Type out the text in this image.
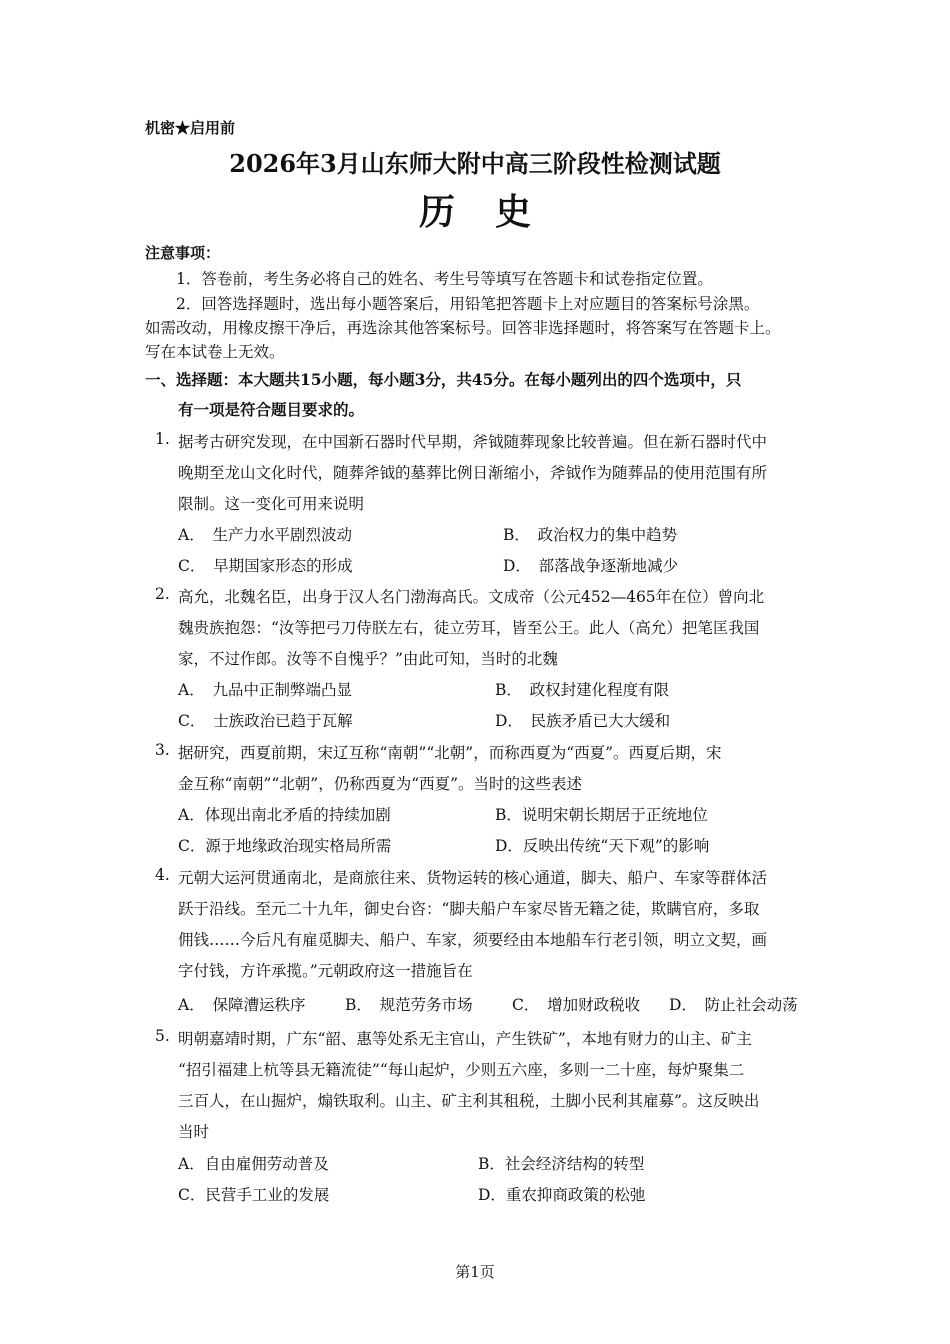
机密★启用前
2026年3月山东师大附中高三阶段性检测试题
历史
注意事项：
1．答卷前，考生务必将自己的姓名、考生号等填写在答题卡和试卷指定位置。
2．回答选择题时，选出每小题答案后，用铅笔把答题卡上对应题目的答案标号涂黑。
如需改动，用橡皮擦干净后，再选涂其他答案标号。回答非选择题时，将答案写在答题卡上。
写在本试卷上无效。
一、选择题：本大题共15小题，每小题3分，共45分。在每小题列出的四个选项中，只
有一项是符合题目要求的。
1. 据考古研究发现，在中国新石器时代早期，斧钺随葬现象比较普遍。但在新石器时代中
晚期至龙山文化时代，随葬斧钺的墓葬比例日渐缩小，斧钺作为随葬品的使用范围有所
限制。这一变化可用来说明
A．　生产力水平剧烈波动	B．　政治权力的集中趋势
C．　早期国家形态的形成	D．　部落战争逐渐地减少
2. 高允，北魏名臣，出身于汉人名门渤海高氏。文成帝（公元452—465年在位）曾向北
魏贵族抱怨：“汝等把弓刀侍朕左右，徒立劳耳，皆至公王。此人（高允）把笔匡我国
家，不过作郎。汝等不自愧乎？”由此可知，当时的北魏
A．　九品中正制弊端凸显	B．　政权封建化程度有限
C．　士族政治已趋于瓦解	D．　民族矛盾已大大缓和
3. 据研究，西夏前期，宋辽互称“南朝”“北朝”，而称西夏为“西夏”。西夏后期，宋
金互称“南朝”“北朝”，仍称西夏为“西夏”。当时的这些表述
A．体现出南北矛盾的持续加剧	B．说明宋朝长期居于正统地位
C．源于地缘政治现实格局所需	D．反映出传统“天下观”的影响
4. 元朝大运河贯通南北，是商旅往来、货物运转的核心通道，脚夫、船户、车家等群体活
跃于沿线。至元二十九年，御史台咨：“脚夫船户车家尽皆无籍之徒，欺瞒官府，多取
佣钱……今后凡有雇觅脚夫、船户、车家，须要经由本地船车行老引领，明立文契，画
字付钱，方许承揽。”元朝政府这一措施旨在
A．　保障漕运秩序	B．　规范劳务市场	C．　增加财政税收 D．　防止社会动荡
5. 明朝嘉靖时期，广东“韶、惠等处系无主官山，产生铁矿”，本地有财力的山主、矿主
“招引福建上杭等县无籍流徒”“每山起炉，少则五六座，多则一二十座，每炉聚集二
三百人，在山掘炉，煽铁取利。山主、矿主利其租税，土脚小民利其雇募”。这反映出
当时
A．自由雇佣劳动普及	B．社会经济结构的转型
C．民营手工业的发展	D．重农抑商政策的松弛
第1页
